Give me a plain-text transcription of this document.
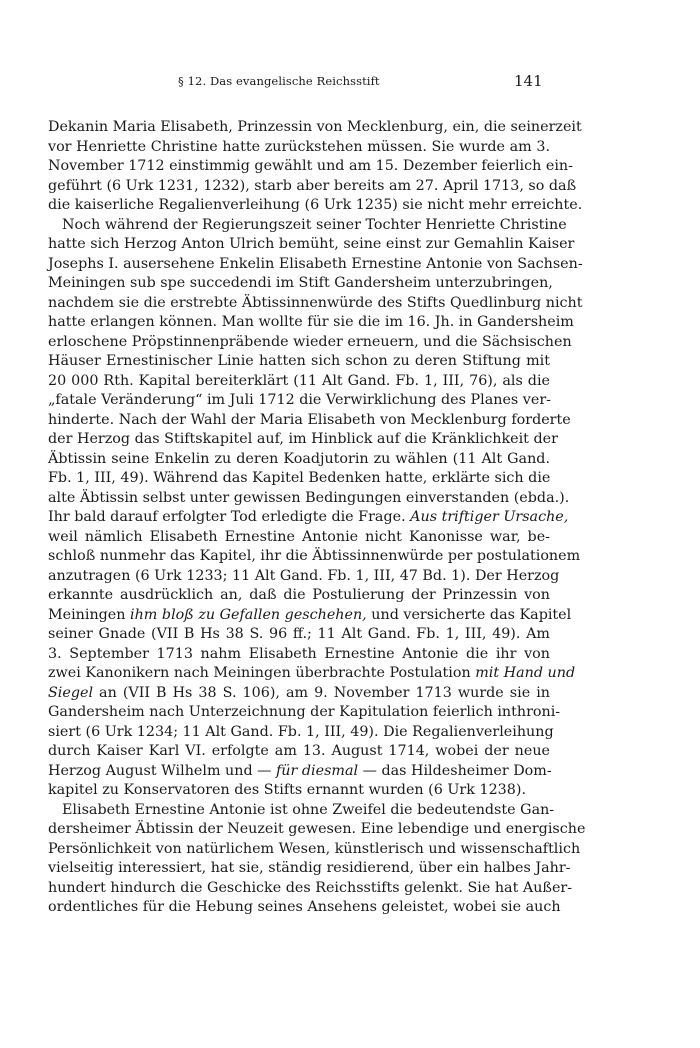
§ 12. Das evangelische Reichsstift	141
Dekanin Maria Elisabeth, Prinzessin von Mecklenburg, ein, die seinerzeit
vor Henriette Christine hatte zurückstehen müssen. Sie wurde am 3.
November 1712 einstimmig gewählt und am 15. Dezember feierlich ein-
geführt (6 Urk 1231, 1232), starb aber bereits am 27. April 1713, so daß
die kaiserliche Regalienverleihung (6 Urk 1235) sie nicht mehr erreichte.
Noch während der Regierungszeit seiner Tochter Henriette Christine
hatte sich Herzog Anton Ulrich bemüht, seine einst zur Gemahlin Kaiser
Josephs I. ausersehene Enkelin Elisabeth Ernestine Antonie von Sachsen-
Meiningen sub spe succedendi im Stift Gandersheim unterzubringen,
nachdem sie die erstrebte Äbtissinnenwürde des Stifts Quedlinburg nicht
hatte erlangen können. Man wollte für sie die im 16. Jh. in Gandersheim
erloschene Pröpstinnenpräbende wieder erneuern, und die Sächsischen
Häuser Ernestinischer Linie hatten sich schon zu deren Stiftung mit
20 000 Rth. Kapital bereiterklärt (11 Alt Gand. Fb. 1, III, 76), als die
„fatale Veränderung“ im Juli 1712 die Verwirklichung des Planes ver-
hinderte. Nach der Wahl der Maria Elisabeth von Mecklenburg forderte
der Herzog das Stiftskapitel auf, im Hinblick auf die Kränklichkeit der
Äbtissin seine Enkelin zu deren Koadjutorin zu wählen (11 Alt Gand.
Fb. 1, III, 49). Während das Kapitel Bedenken hatte, erklärte sich die
alte Äbtissin selbst unter gewissen Bedingungen einverstanden (ebda.).
Ihr bald darauf erfolgter Tod erledigte die Frage. Aus triftiger Ursache,
weil nämlich Elisabeth Ernestine Antonie nicht Kanonisse war, be-
schloß nunmehr das Kapitel, ihr die Äbtissinnenwürde per postulationem
anzutragen (6 Urk 1233; 11 Alt Gand. Fb. 1, III, 47 Bd. 1). Der Herzog
erkannte ausdrücklich an, daß die Postulierung der Prinzessin von
Meiningen ihm bloß zu Gefallen geschehen, und versicherte das Kapitel
seiner Gnade (VII B Hs 38 S. 96 ff.; 11 Alt Gand. Fb. 1, III, 49). Am
3. September 1713 nahm Elisabeth Ernestine Antonie die ihr von
zwei Kanonikern nach Meiningen überbrachte Postulation mit Hand und
Siegel an (VII B Hs 38 S. 106), am 9. November 1713 wurde sie in
Gandersheim nach Unterzeichnung der Kapitulation feierlich inthroni-
siert (6 Urk 1234; 11 Alt Gand. Fb. 1, III, 49). Die Regalienverleihung
durch Kaiser Karl VI. erfolgte am 13. August 1714, wobei der neue
Herzog August Wilhelm und — für diesmal — das Hildesheimer Dom-
kapitel zu Konservatoren des Stifts ernannt wurden (6 Urk 1238).
Elisabeth Ernestine Antonie ist ohne Zweifel die bedeutendste Gan-
dersheimer Äbtissin der Neuzeit gewesen. Eine lebendige und energische
Persönlichkeit von natürlichem Wesen, künstlerisch und wissenschaftlich
vielseitig interessiert, hat sie, ständig residierend, über ein halbes Jahr-
hundert hindurch die Geschicke des Reichsstifts gelenkt. Sie hat Außer-
ordentliches für die Hebung seines Ansehens geleistet, wobei sie auch
